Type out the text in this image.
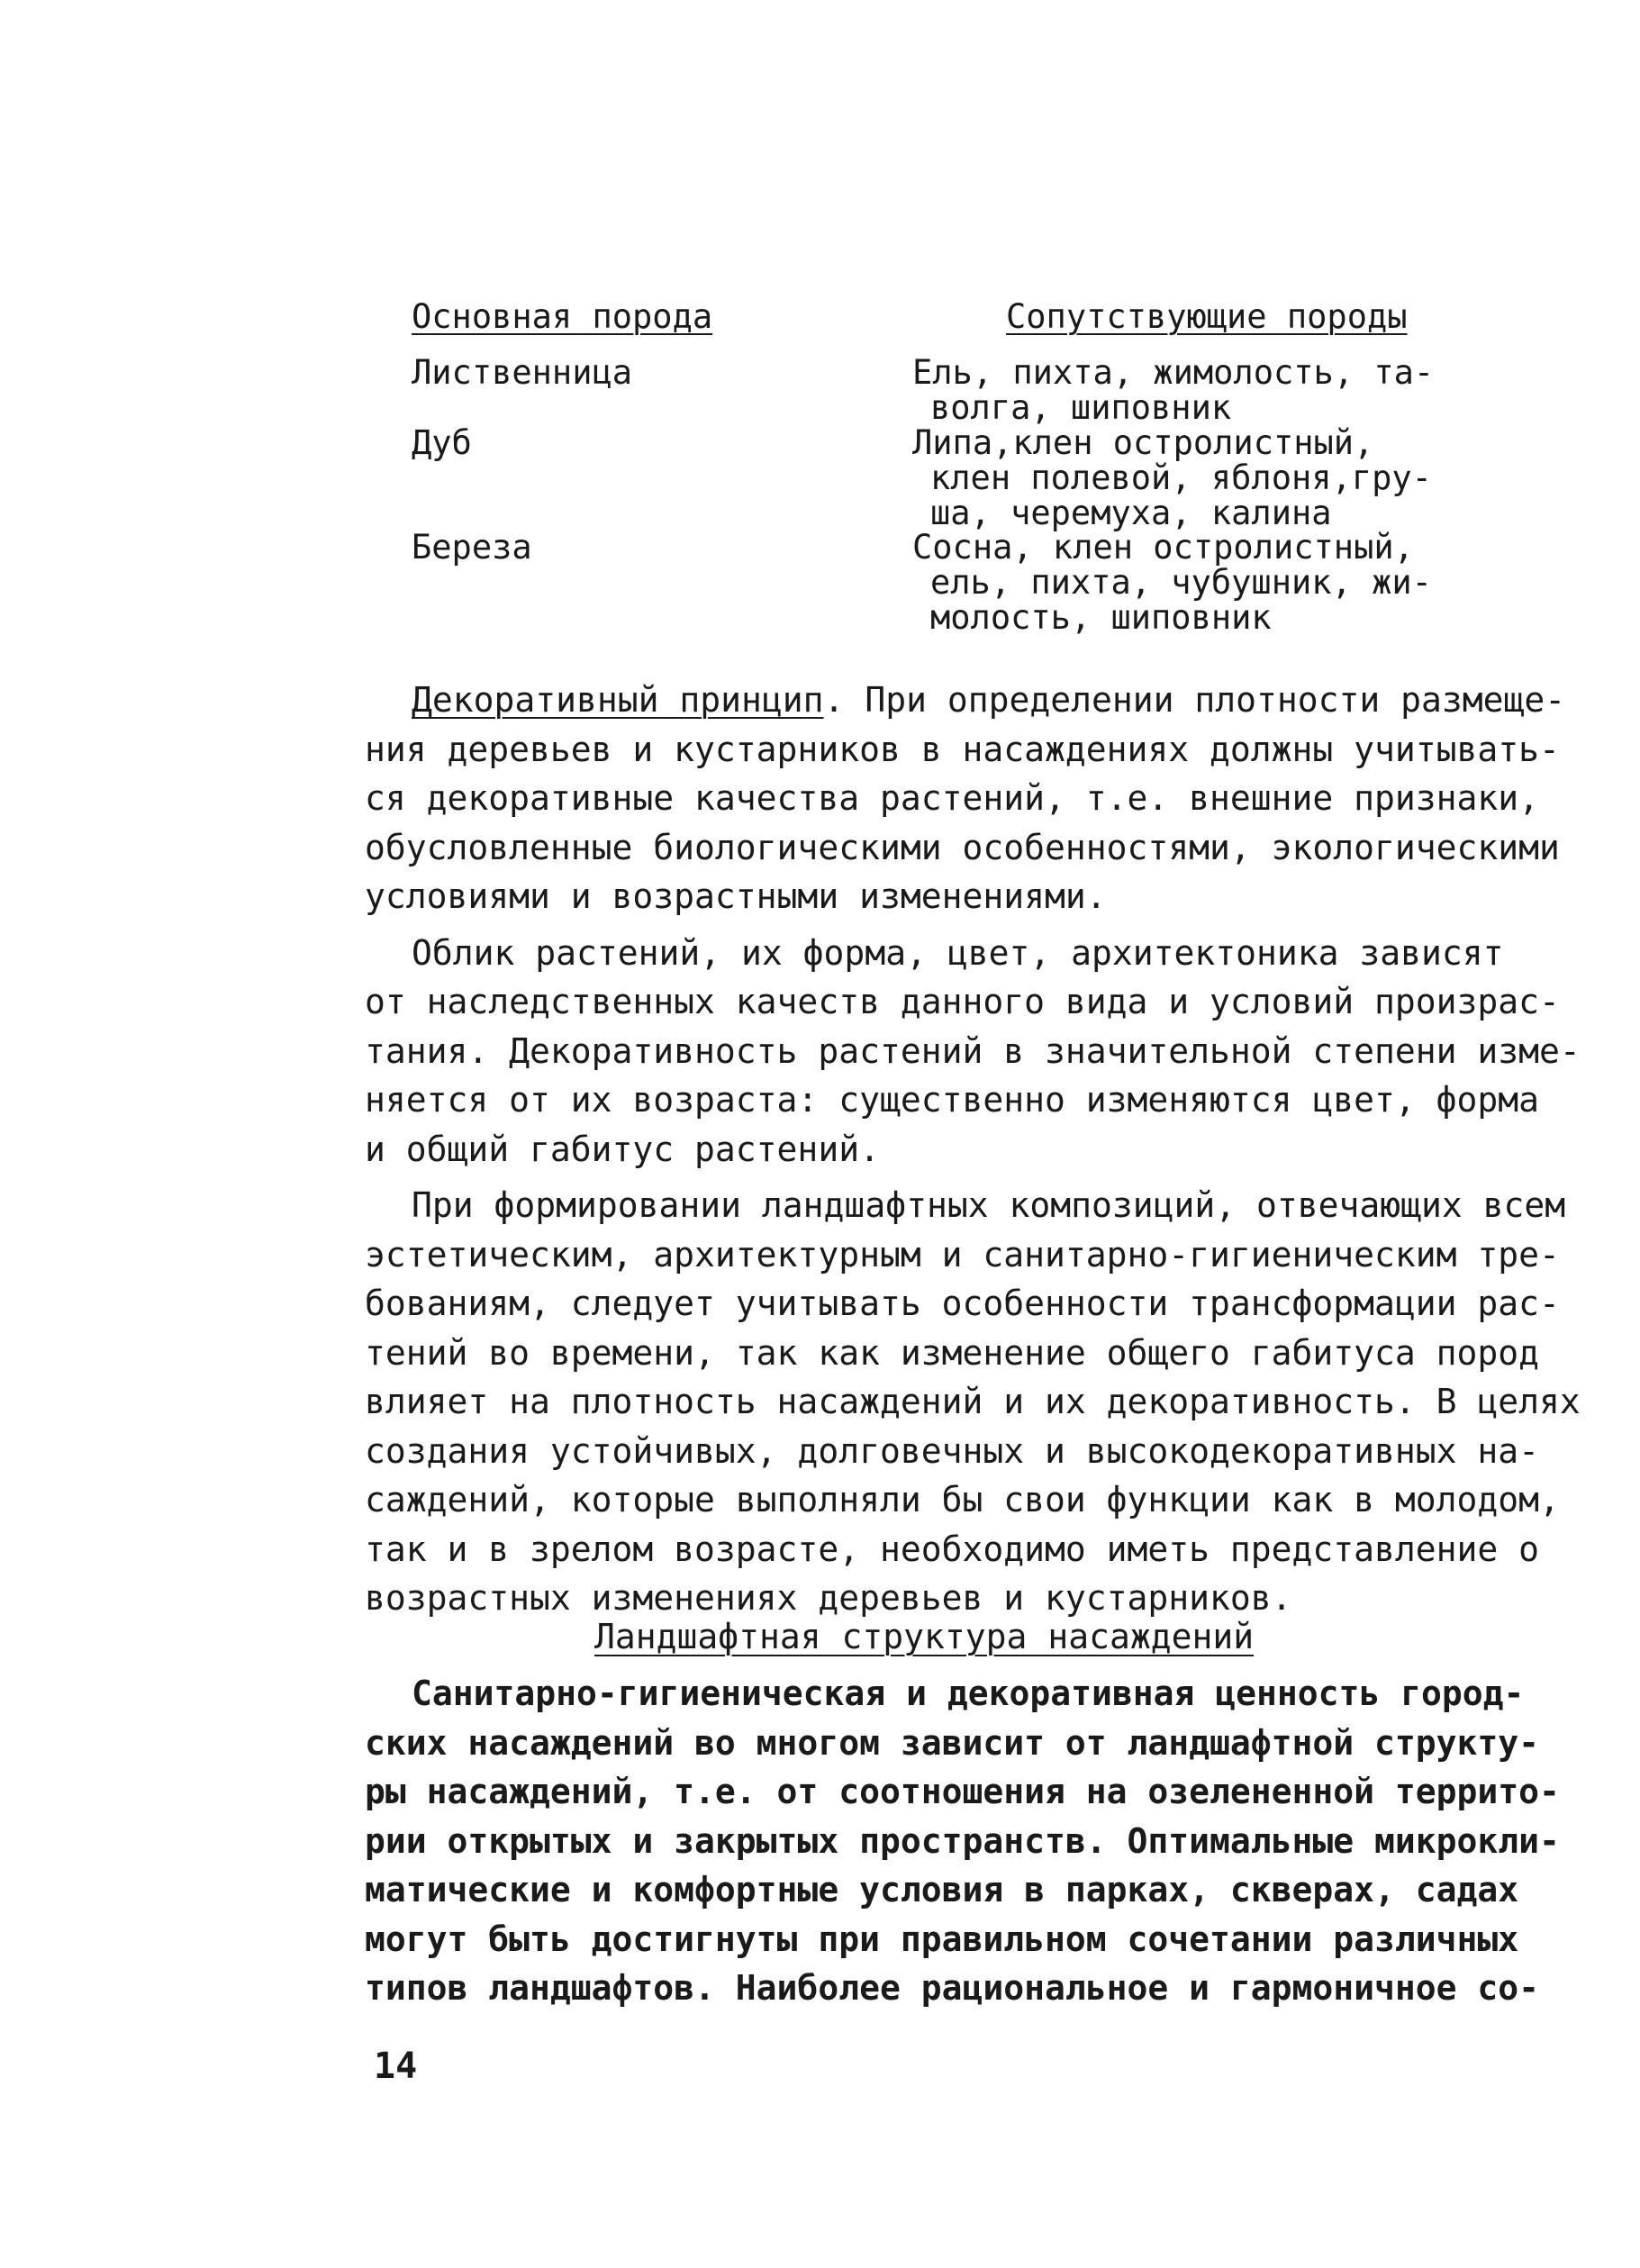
Основная порода	Сопутствующие породы
Лиственница	Ель, пихта, жимолость, та-
волга, шиповник
Дуб	Липа,клен остролистный,
клен полевой, яблоня,гру-
ша, черемуха, калина
Береза	Сосна, клен остролистный,
ель, пихта, чубушник, жи-
молость, шиповник
Декоративный принцип. При определении плотности размеще-
ния деревьев и кустарников в насаждениях должны учитывать-
ся декоративные качества растений, т.е. внешние признаки,
обусловленные биологическими особенностями, экологическими
условиями и возрастными изменениями.
Облик растений, их форма, цвет, архитектоника зависят
от наследственных качеств данного вида и условий произрас-
тания. Декоративность растений в значительной степени изме-
няется от их возраста: существенно изменяются цвет, форма
и общий габитус растений.
При формировании ландшафтных композиций, отвечающих всем
эстетическим, архитектурным и санитарно-гигиеническим тре-
бованиям, следует учитывать особенности трансформации рас-
тений во времени, так как изменение общего габитуса пород
влияет на плотность насаждений и их декоративность. В целях
создания устойчивых, долговечных и высокодекоративных на-
саждений, которые выполняли бы свои функции как в молодом,
так и в зрелом возрасте, необходимо иметь представление о
возрастных изменениях деревьев и кустарников.
Ландшафтная структура насаждений
Санитарно-гигиеническая и декоративная ценность город-
ских насаждений во многом зависит от ландшафтной структу-
ры насаждений, т.е. от соотношения на озелененной террито-
рии открытых и закрытых пространств. Оптимальные микрокли-
матические и комфортные условия в парках, скверах, садах
могут быть достигнуты при правильном сочетании различных
типов ландшафтов. Наиболее рациональное и гармоничное со-
14
